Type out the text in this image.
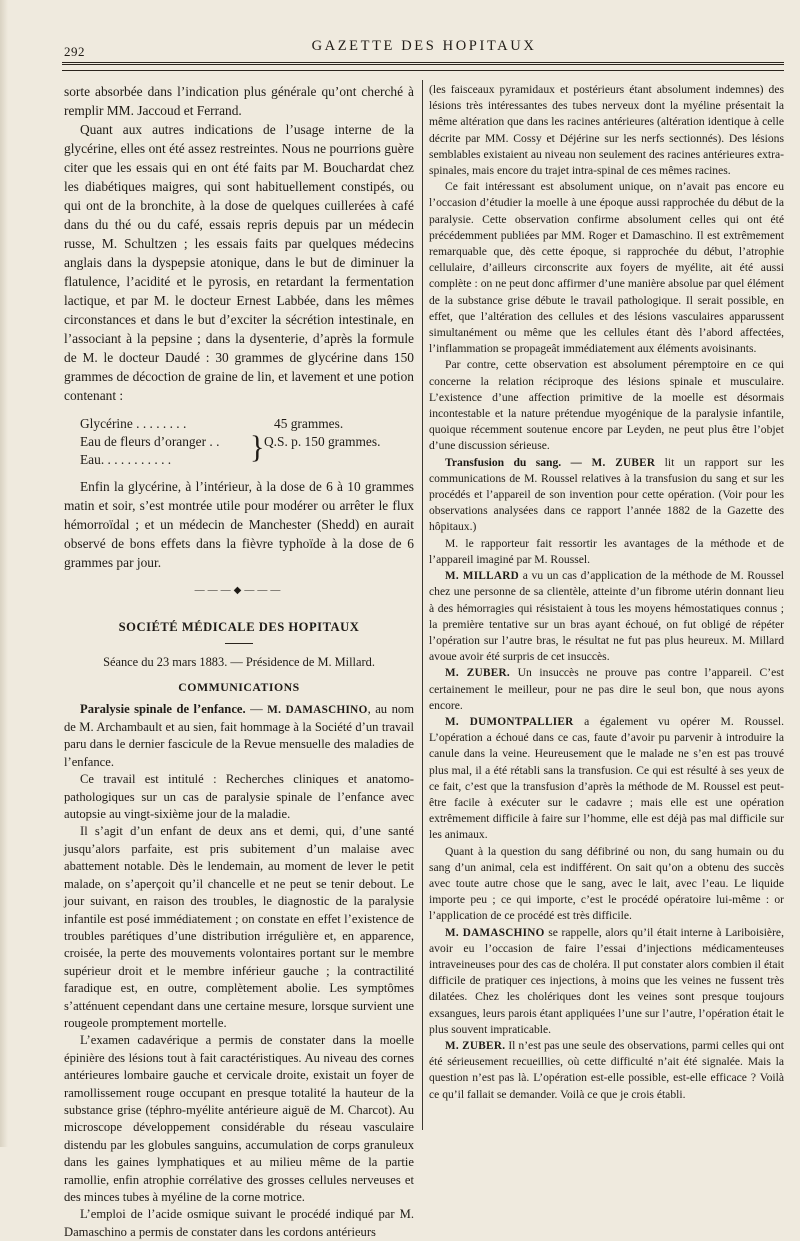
292	GAZETTE DES HOPITAUX

sorte absorbée dans l’indication plus générale qu’ont cherché à remplir MM. Jaccoud et Ferrand.

Quant aux autres indications de l’usage interne de la glycérine, elles ont été assez restreintes. Nous ne pourrions guère citer que les essais qui en ont été faits par M. Bouchardat chez les diabétiques maigres, qui sont habituellement constipés, ou qui ont de la bronchite, à la dose de quelques cuillerées à café dans du thé ou du café, essais repris depuis par un médecin russe, M. Schultzen ; les essais faits par quelques médecins anglais dans la dyspepsie atonique, dans le but de diminuer la flatulence, l’acidité et le pyrosis, en retardant la fermentation lactique, et par M. le docteur Ernest Labbée, dans les mêmes circonstances et dans le but d’exciter la sécrétion intestinale, en l’associant à la pepsine ; dans la dysenterie, d’après la formule de M. le docteur Daudé : 30 grammes de glycérine dans 150 grammes de décoction de graine de lin, et lavement et une potion contenant :

Glycérine . . . . . . . .
Eau de fleurs d’oranger . .
Eau. . . . . . . . . . .
45 grammes.
} Q.S. p. 150 grammes.

Enfin la glycérine, à l’intérieur, à la dose de 6 à 10 grammes matin et soir, s’est montrée utile pour modérer ou arrêter le flux hémorroïdal ; et un médecin de Manchester (Shedd) en aurait observé de bons effets dans la fièvre typhoïde à la dose de 6 grammes par jour.

———◆———
SOCIÉTÉ MÉDICALE DES HOPITAUX
Séance du 23 mars 1883. — Présidence de M. Millard.
COMMUNICATIONS

Paralysie spinale de l’enfance. — M. DAMASCHINO, au nom de M. Archambault et au sien, fait hommage à la Société d’un travail paru dans le dernier fascicule de la Revue mensuelle des maladies de l’enfance.

Ce travail est intitulé : Recherches cliniques et anatomo-pathologiques sur un cas de paralysie spinale de l’enfance avec autopsie au vingt-sixième jour de la maladie.

Il s’agit d’un enfant de deux ans et demi, qui, d’une santé jusqu’alors parfaite, est pris subitement d’un malaise avec abattement notable. Dès le lendemain, au moment de lever le petit malade, on s’aperçoit qu’il chancelle et ne peut se tenir debout. Le jour suivant, en raison des troubles, le diagnostic de la paralysie infantile est posé immédiatement ; on constate en effet l’existence de troubles parétiques d’une distribution irrégulière et, en apparence, croisée, la perte des mouvements volontaires portant sur le membre supérieur droit et le membre inférieur gauche ; la contractilité faradique est, en outre, complètement abolie. Les symptômes s’atténuent cependant dans une certaine mesure, lorsque survient une rougeole promptement mortelle.

L’examen cadavérique a permis de constater dans la moelle épinière des lésions tout à fait caractéristiques. Au niveau des cornes antérieures lombaire gauche et cervicale droite, existait un foyer de ramollissement rouge occupant en presque totalité la hauteur de la substance grise (téphro-myélite antérieure aiguë de M. Charcot). Au microscope développement considérable du réseau vasculaire distendu par les globules sanguins, accumulation de corps granuleux dans les gaines lymphatiques et au milieu même de la partie ramollie, enfin atrophie corrélative des grosses cellules nerveuses et des minces tubes à myéline de la corne motrice.

L’emploi de l’acide osmique suivant le procédé indiqué par M. Damaschino a permis de constater dans les cordons antérieurs

(les faisceaux pyramidaux et postérieurs étant absolument indemnes) des lésions très intéressantes des tubes nerveux dont la myéline présentait la même altération que dans les racines antérieures (altération identique à celle décrite par MM. Cossy et Déjérine sur les nerfs sectionnés). Des lésions semblables existaient au niveau non seulement des racines antérieures extra-spinales, mais encore du trajet intra-spinal de ces mêmes racines.

Ce fait intéressant est absolument unique, on n’avait pas encore eu l’occasion d’étudier la moelle à une époque aussi rapprochée du début de la paralysie. Cette observation confirme absolument celles qui ont été précédemment publiées par MM. Roger et Damaschino. Il est extrêmement remarquable que, dès cette époque, si rapprochée du début, l’atrophie cellulaire, d’ailleurs circonscrite aux foyers de myélite, ait été aussi complète : on ne peut donc affirmer d’une manière absolue par quel élément de la substance grise débute le travail pathologique. Il serait possible, en effet, que l’altération des cellules et des lésions vasculaires apparussent simultanément ou même que les cellules étant dès l’abord affectées, l’inflammation se propageât immédiatement aux éléments avoisinants.

Par contre, cette observation est absolument péremptoire en ce qui concerne la relation réciproque des lésions spinale et musculaire. L’existence d’une affection primitive de la moelle est désormais incontestable et la nature prétendue myogénique de la paralysie infantile, quoique récemment soutenue encore par Leyden, ne peut plus être l’objet d’une discussion sérieuse.

Transfusion du sang. — M. ZUBER lit un rapport sur les communications de M. Roussel relatives à la transfusion du sang et sur les procédés et l’appareil de son invention pour cette opération. (Voir pour les observations analysées dans ce rapport l’année 1882 de la Gazette des hôpitaux.)

M. le rapporteur fait ressortir les avantages de la méthode et de l’appareil imaginé par M. Roussel.

M. MILLARD a vu un cas d’application de la méthode de M. Roussel chez une personne de sa clientèle, atteinte d’un fibrome utérin donnant lieu à des hémorragies qui résistaient à tous les moyens hémostatiques connus ; la première tentative sur un bras ayant échoué, on fut obligé de répéter l’opération sur l’autre bras, le résultat ne fut pas plus heureux. M. Millard avoue avoir été surpris de cet insuccès.

M. ZUBER. Un insuccès ne prouve pas contre l’appareil. C’est certainement le meilleur, pour ne pas dire le seul bon, que nous ayons encore.

M. DUMONTPALLIER a également vu opérer M. Roussel. L’opération a échoué dans ce cas, faute d’avoir pu parvenir à introduire la canule dans la veine. Heureusement que le malade ne s’en est pas trouvé plus mal, il a été rétabli sans la transfusion. Ce qui est résulté à ses yeux de ce fait, c’est que la transfusion d’après la méthode de M. Roussel est peut-être facile à exécuter sur le cadavre ; mais elle est une opération extrêmement difficile à faire sur l’homme, elle est déjà pas mal difficile sur les animaux.

Quant à la question du sang défibriné ou non, du sang humain ou du sang d’un animal, cela est indifférent. On sait qu’on a obtenu des succès avec toute autre chose que le sang, avec le lait, avec l’eau. Le liquide importe peu ; ce qui importe, c’est le procédé opératoire lui-même : or l’application de ce procédé est très difficile.

M. DAMASCHINO se rappelle, alors qu’il était interne à Lariboisière, avoir eu l’occasion de faire l’essai d’injections médicamenteuses intraveineuses pour des cas de choléra. Il put constater alors combien il était difficile de pratiquer ces injections, à moins que les veines ne fussent très dilatées. Chez les cholériques dont les veines sont presque toujours exsangues, leurs parois étant appliquées l’une sur l’autre, l’opération était le plus souvent impraticable.

M. ZUBER. Il n’est pas une seule des observations, parmi celles qui ont été sérieusement recueillies, où cette difficulté n’ait été signalée. Mais la question n’est pas là. L’opération est-elle possible, est-elle efficace ? Voilà ce qu’il fallait se demander. Voilà ce que je crois établi.
